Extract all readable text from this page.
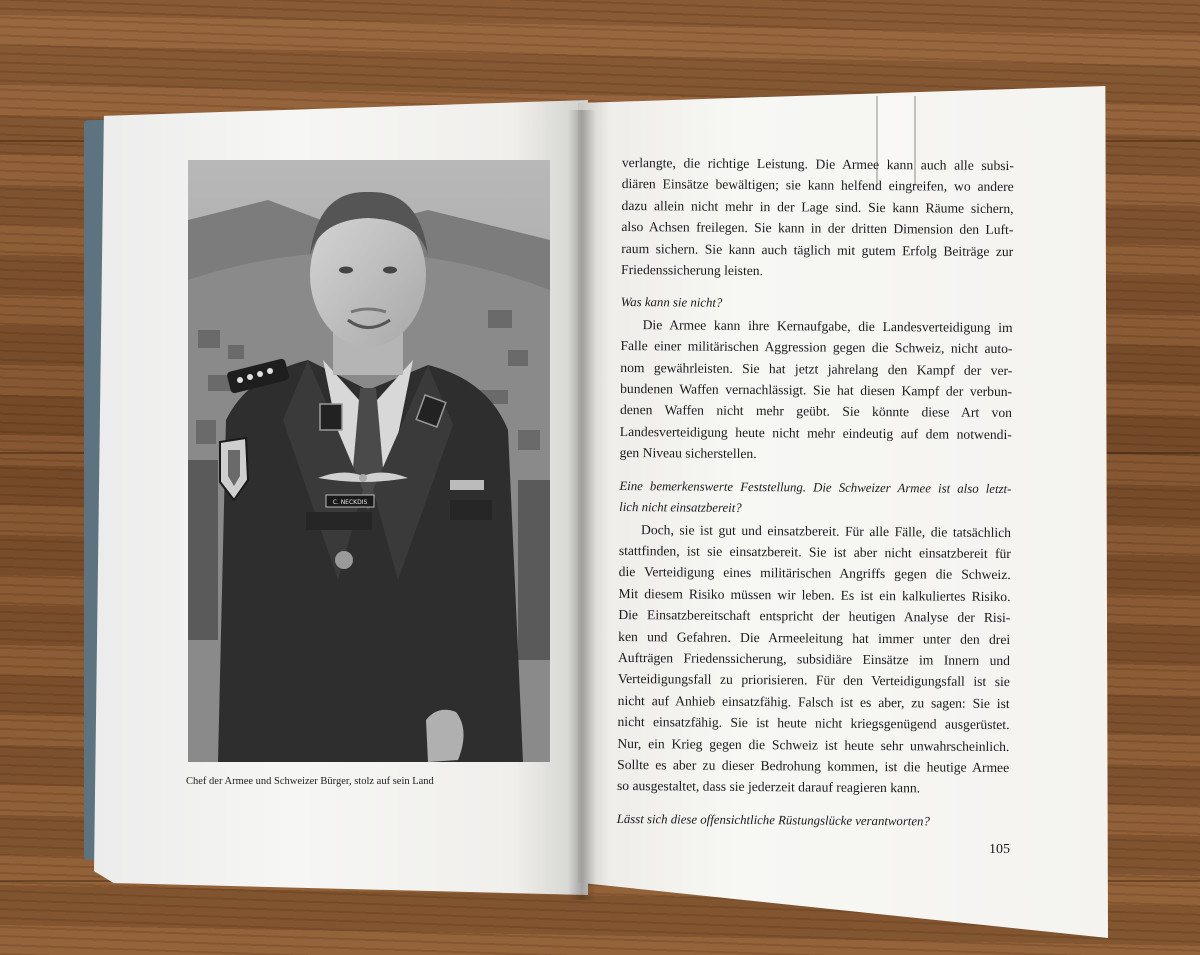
C. NECKDIS
Chef der Armee und Schweizer Bürger, stolz auf sein Land
verlangte, die richtige Leistung. Die Armee kann auch alle subsi-
diären Einsätze bewältigen; sie kann helfend eingreifen, wo andere
dazu allein nicht mehr in der Lage sind. Sie kann Räume sichern,
also Achsen freilegen. Sie kann in der dritten Dimension den Luft-
raum sichern. Sie kann auch täglich mit gutem Erfolg Beiträge zur
Friedenssicherung leisten.
Was kann sie nicht?
Die Armee kann ihre Kernaufgabe, die Landesverteidigung im
Falle einer militärischen Aggression gegen die Schweiz, nicht auto-
nom gewährleisten. Sie hat jetzt jahrelang den Kampf der ver-
bundenen Waffen vernachlässigt. Sie hat diesen Kampf der verbun-
denen Waffen nicht mehr geübt. Sie könnte diese Art von
Landesverteidigung heute nicht mehr eindeutig auf dem notwendi-
gen Niveau sicherstellen.
Eine bemerkenswerte Feststellung. Die Schweizer Armee ist also letzt-
lich nicht einsatzbereit?
Doch, sie ist gut und einsatzbereit. Für alle Fälle, die tatsächlich
stattfinden, ist sie einsatzbereit. Sie ist aber nicht einsatzbereit für
die Verteidigung eines militärischen Angriffs gegen die Schweiz.
Mit diesem Risiko müssen wir leben. Es ist ein kalkuliertes Risiko.
Die Einsatzbereitschaft entspricht der heutigen Analyse der Risi-
ken und Gefahren. Die Armeeleitung hat immer unter den drei
Aufträgen Friedenssicherung, subsidiäre Einsätze im Innern und
Verteidigungsfall zu priorisieren. Für den Verteidigungsfall ist sie
nicht auf Anhieb einsatzfähig. Falsch ist es aber, zu sagen: Sie ist
nicht einsatzfähig. Sie ist heute nicht kriegsgenügend ausgerüstet.
Nur, ein Krieg gegen die Schweiz ist heute sehr unwahrscheinlich.
Sollte es aber zu dieser Bedrohung kommen, ist die heutige Armee
so ausgestaltet, dass sie jederzeit darauf reagieren kann.
Lässt sich diese offensichtliche Rüstungslücke verantworten?
105
